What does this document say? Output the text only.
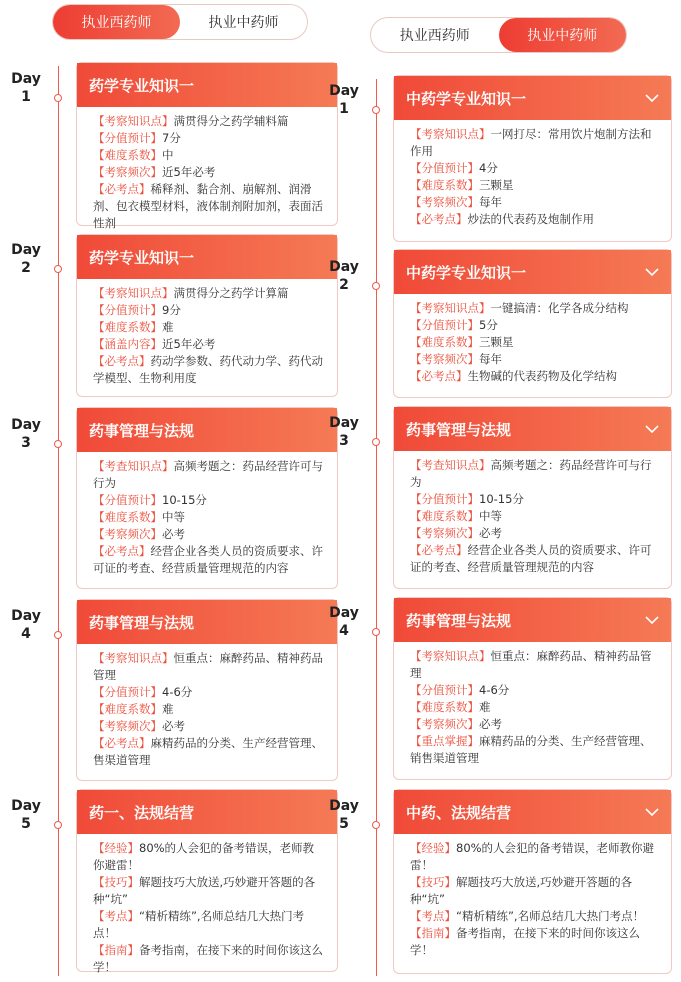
执业西药师	执业中药师
Day
1
药学专业知识一
【考察知识点】满贯得分之药学辅料篇
【分值预计】7分
【难度系数】中
【考察频次】近5年必考
【必考点】稀释剂、黏合剂、崩解剂、润滑剂、包衣模型材料，液体制剂附加剂，表面活性剂
Day
2
药学专业知识一
【考察知识点】满贯得分之药学计算篇
【分值预计】9分
【难度系数】难
【涵盖内容】近5年必考
【必考点】药动学参数、药代动力学、药代动学模型、生物利用度
Day
3
药事管理与法规
【考查知识点】高频考题之：药品经营许可与行为
【分值预计】10-15分
【难度系数】中等
【考察频次】必考
【必考点】经营企业各类人员的资质要求、许可证的考查、经营质量管理规范的内容
Day
4
药事管理与法规
【考察知识点】恒重点：麻醉药品、精神药品管理
【分值预计】4-6分
【难度系数】难
【考察频次】必考
【必考点】麻精药品的分类、生产经营管理、售渠道管理
Day
5
药一、法规结营
【经验】80%的人会犯的备考错误，老师教你避雷！
【技巧】解题技巧大放送,巧妙避开答题的各种“坑”
【考点】“精析精练”,名师总结几大热门考点！
【指南】备考指南，在接下来的时间你该这么学！
执业西药师	执业中药师
Day
1
中药学专业知识一
【考察知识点】一网打尽：常用饮片炮制方法和作用
【分值预计】4分
【难度系数】三颗星
【考察频次】每年
【必考点】炒法的代表药及炮制作用
Day
2
中药学专业知识一
【考察知识点】一键搞清：化学各成分结构
【分值预计】5分
【难度系数】三颗星
【考察频次】每年
【必考点】生物碱的代表药物及化学结构
Day
3
药事管理与法规
【考查知识点】高频考题之：药品经营许可与行为
【分值预计】10-15分
【难度系数】中等
【考察频次】必考
【必考点】经营企业各类人员的资质要求、许可证的考查、经营质量管理规范的内容
Day
4
药事管理与法规
【考察知识点】恒重点：麻醉药品、精神药品管理
【分值预计】4-6分
【难度系数】难
【考察频次】必考
【重点掌握】麻精药品的分类、生产经营管理、销售渠道管理
Day
5
中药、法规结营
【经验】80%的人会犯的备考错误，老师教你避雷！
【技巧】解题技巧大放送,巧妙避开答题的各种“坑”
【考点】“精析精练”,名师总结几大热门考点！
【指南】备考指南，在接下来的时间你该这么学！
